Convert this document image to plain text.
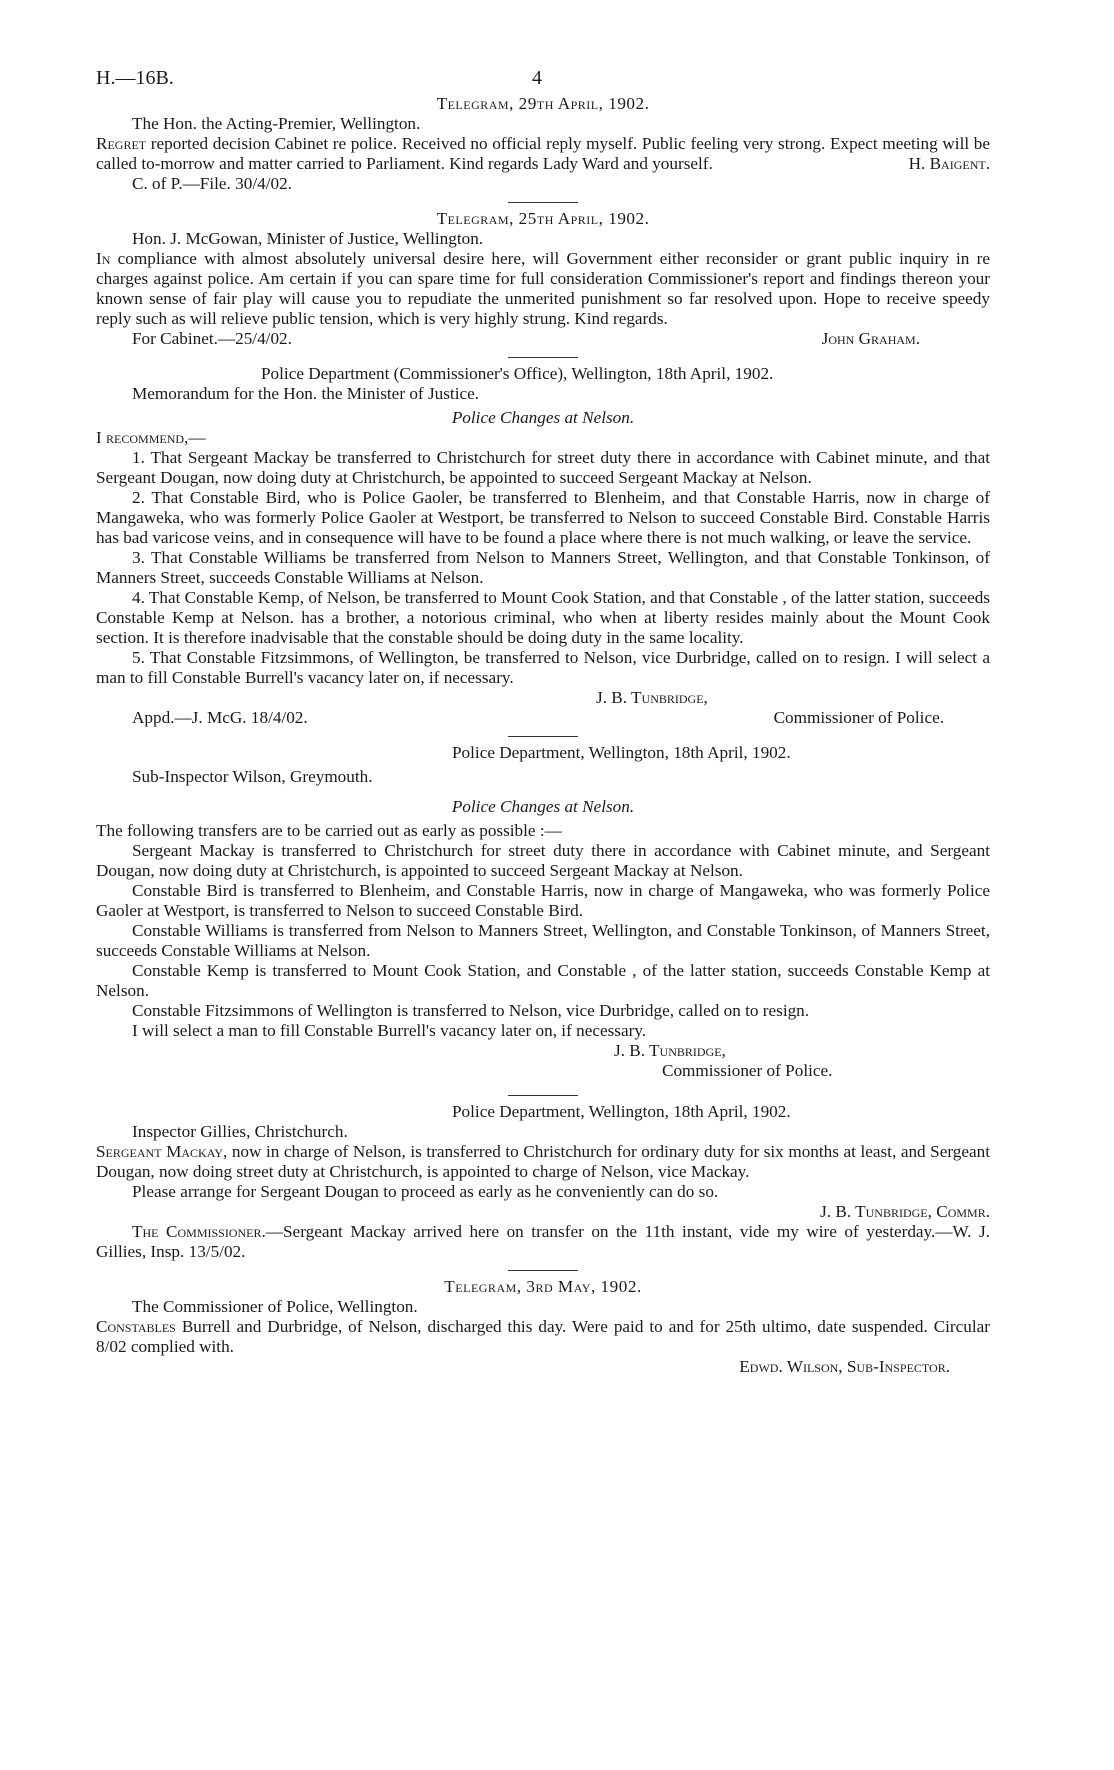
H.—16B.	4
Telegram, 29th April, 1902.
The Hon. the Acting-Premier, Wellington.

Regret reported decision Cabinet re police. Received no official reply myself. Public feeling very strong. Expect meeting will be called to-morrow and matter carried to Parliament. Kind regards Lady Ward and yourself.	H. Baigent.
C. of P.—File. 30/4/02.
Telegram, 25th April, 1902.
Hon. J. McGowan, Minister of Justice, Wellington.

In compliance with almost absolutely universal desire here, will Government either reconsider or grant public inquiry in re charges against police. Am certain if you can spare time for full consideration Commissioner's report and findings thereon your known sense of fair play will cause you to repudiate the unmerited punishment so far resolved upon. Hope to receive speedy reply such as will relieve public tension, which is very highly strung. Kind regards.

For Cabinet.—25/4/02.	John Graham.
Police Department (Commissioner's Office), Wellington, 18th April, 1902.
Memorandum for the Hon. the Minister of Justice.
Police Changes at Nelson.
I recommend,—

1. That Sergeant Mackay be transferred to Christchurch for street duty there in accordance with Cabinet minute, and that Sergeant Dougan, now doing duty at Christchurch, be appointed to succeed Sergeant Mackay at Nelson.

2. That Constable Bird, who is Police Gaoler, be transferred to Blenheim, and that Constable Harris, now in charge of Mangaweka, who was formerly Police Gaoler at Westport, be transferred to Nelson to succeed Constable Bird. Constable Harris has bad varicose veins, and in consequence will have to be found a place where there is not much walking, or leave the service.

3. That Constable Williams be transferred from Nelson to Manners Street, Wellington, and that Constable Tonkinson, of Manners Street, succeeds Constable Williams at Nelson.

4. That Constable Kemp, of Nelson, be transferred to Mount Cook Station, and that Constable , of the latter station, succeeds Constable Kemp at Nelson. has a brother, a notorious criminal, who when at liberty resides mainly about the Mount Cook section. It is therefore inadvisable that the constable should be doing duty in the same locality.

5. That Constable Fitzsimmons, of Wellington, be transferred to Nelson, vice Durbridge, called on to resign. I will select a man to fill Constable Burrell's vacancy later on, if necessary.

J. B. Tunbridge,
Appd.—J. McG. 18/4/02.	Commissioner of Police.
Police Department, Wellington, 18th April, 1902.
Sub-Inspector Wilson, Greymouth.
Police Changes at Nelson.

The following transfers are to be carried out as early as possible :—

Sergeant Mackay is transferred to Christchurch for street duty there in accordance with Cabinet minute, and Sergeant Dougan, now doing duty at Christchurch, is appointed to succeed Sergeant Mackay at Nelson.

Constable Bird is transferred to Blenheim, and Constable Harris, now in charge of Mangaweka, who was formerly Police Gaoler at Westport, is transferred to Nelson to succeed Constable Bird.

Constable Williams is transferred from Nelson to Manners Street, Wellington, and Constable Tonkinson, of Manners Street, succeeds Constable Williams at Nelson.

Constable Kemp is transferred to Mount Cook Station, and Constable , of the latter station, succeeds Constable Kemp at Nelson.

Constable Fitzsimmons of Wellington is transferred to Nelson, vice Durbridge, called on to resign.

I will select a man to fill Constable Burrell's vacancy later on, if necessary.

J. B. Tunbridge,
Commissioner of Police.
Police Department, Wellington, 18th April, 1902.
Inspector Gillies, Christchurch.

Sergeant Mackay, now in charge of Nelson, is transferred to Christchurch for ordinary duty for six months at least, and Sergeant Dougan, now doing street duty at Christchurch, is appointed to charge of Nelson, vice Mackay.

Please arrange for Sergeant Dougan to proceed as early as he conveniently can do so.

J. B. Tunbridge, Commr.

The Commissioner.—Sergeant Mackay arrived here on transfer on the 11th instant, vide my wire of yesterday.—W. J. Gillies, Insp. 13/5/02.

Telegram, 3rd May, 1902.
The Commissioner of Police, Wellington.

Constables Burrell and Durbridge, of Nelson, discharged this day. Were paid to and for 25th ultimo, date suspended. Circular 8/02 complied with.

Edwd. Wilson, Sub-Inspector.
